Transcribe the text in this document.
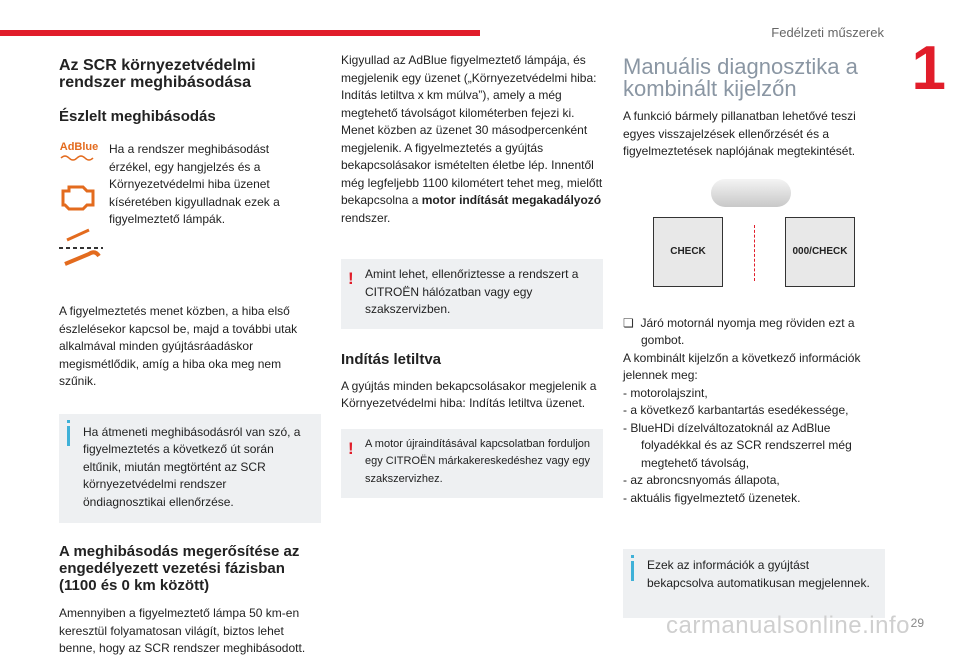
Fedélzeti műszerek
1
Az SCR környezetvédelmi rendszer meghibásodása
Észlelt meghibásodás
AdBlue Ha a rendszer meghibásodást érzékel, egy hangjelzés és a Környezetvédelmi hiba üzenet kíséretében kigyulladnak ezek a figyelmeztető lámpák.

A figyelmeztetés menet közben, a hiba első észlelésekor kapcsol be, majd a további utak alkalmával minden gyújtásráadáskor megismétlődik, amíg a hiba oka meg nem szűnik.

Ha átmeneti meghibásodásról van szó, a figyelmeztetés a következő út során eltűnik, miután megtörtént az SCR környezetvédelmi rendszer öndiagnosztikai ellenőrzése.

A meghibásodás megerősítése az engedélyezett vezetési fázisban (1100 és 0 km között)

Amennyiben a figyelmeztető lámpa 50 km-en keresztül folyamatosan világít, biztos lehet benne, hogy az SCR rendszer meghibásodott.

Kigyullad az AdBlue figyelmeztető lámpája, és megjelenik egy üzenet („Környezetvédelmi hiba: Indítás letiltva x km múlva”), amely a még megtehető távolságot kilométerben fejezi ki. Menet közben az üzenet 30 másodpercenként megjelenik. A figyelmeztetés a gyújtás bekapcsolásakor ismételten életbe lép. Innentől még legfeljebb 1100 kilométert tehet meg, mielőtt bekapcsolna a motor indítását megakadályozó rendszer.

! Amint lehet, ellenőriztesse a rendszert a CITROËN hálózatban vagy egy szakszervizben.

Indítás letiltva

A gyújtás minden bekapcsolásakor megjelenik a Környezetvédelmi hiba: Indítás letiltva üzenet.

! A motor újraindításával kapcsolatban forduljon egy CITROËN márkakereskedéshez vagy egy szakszervizhez.

Manuális diagnosztika a kombinált kijelzőn

A funkció bármely pillanatban lehetővé teszi egyes visszajelzések ellenőrzését és a figyelmeztetések naplójának megtekintését.

CHECK	000/CHECK

❏  Járó motornál nyomja meg röviden ezt a gombot.

A kombinált kijelzőn a következő információk jelennek meg:

- motorolajszint,
- a következő karbantartás esedékessége,
- BlueHDi dízelváltozatoknál az AdBlue folyadékkal és az SCR rendszerrel még megtehető távolság,
- az abroncsnyomás állapota,
- aktuális figyelmeztető üzenetek.

Ezek az információk a gyújtást bekapcsolva automatikusan megjelennek.

carmanualsonline.info 29
